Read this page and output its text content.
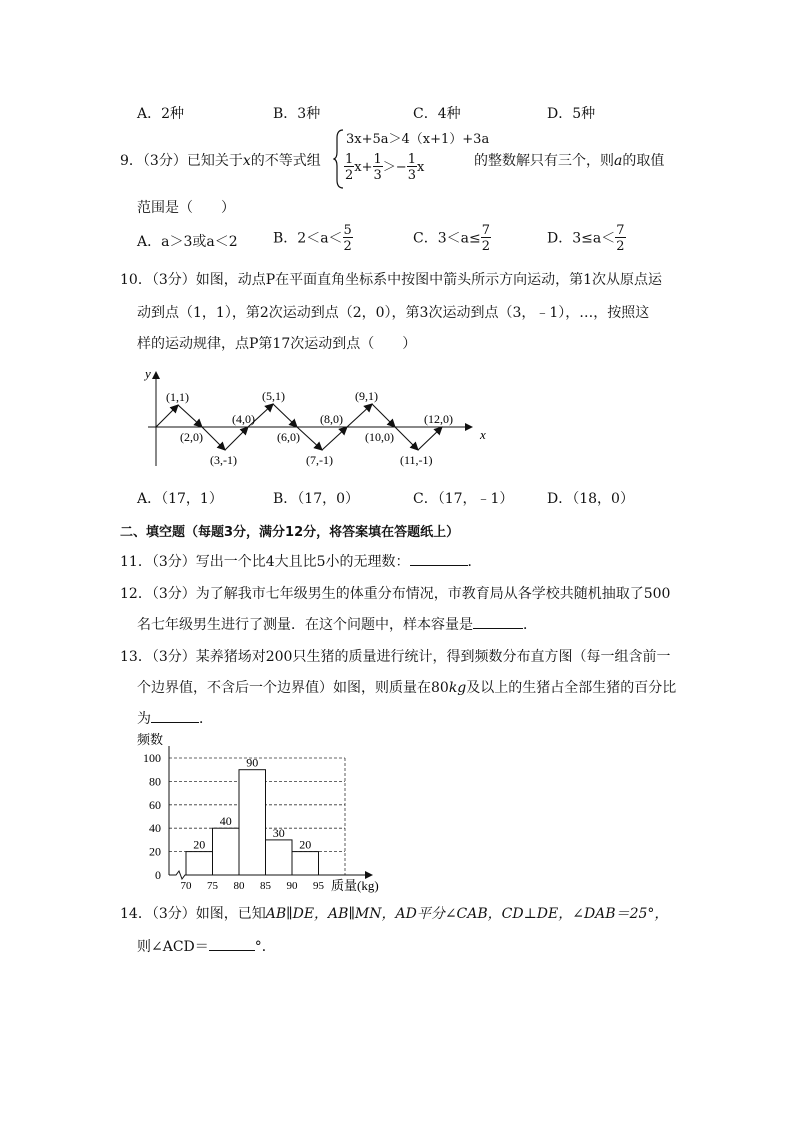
A．2种	B．3种	C．4种	D．5种
9．（3分）已知关于x的不等式组
3x+5a＞4（x+1）+3a
$\frac{1}{2} x+ \frac{1}{3} >- \frac{1}{3}$ x	的整数解只有三个，则a的取值
范围是（　　）
A．a＞3或a＜2	B．$2<a< \frac{5}{2}$	C．$3<a\le \frac{7}{2}$	D．$3\le a< \frac{7}{2}$
10．（3分）如图，动点P在平面直角坐标系中按图中箭头所示方向运动，第1次从原点运
动到点（1，1），第2次运动到点（2，0），第3次运动到点（3，﹣1），…，按照这
样的运动规律，点P第17次运动到点（　　）
x
y
(1,1)
(2,0)
(3,-1)
(4,0)
(5,1)
(6,0)
(7,-1)
(8,0)
(9,1)
(10,0)
(11,-1)
(12,0)
A．（17，1）	B．（17，0）	C．（17，﹣1） D．（18，0）
二、填空题（每题3分，满分12分，将答案填在答题纸上）
11．（3分）写出一个比4大且比5小的无理数：	．
12．（3分）为了解我市七年级男生的体重分布情况，市教育局从各学校共随机抽取了500
名七年级男生进行了测量．在这个问题中，样本容量是	．
13．（3分）某养猪场对200只生猪的质量进行统计，得到频数分布直方图（每一组含前一
个边界值，不含后一个边界值）如图，则质量在80kg及以上的生猪占全部生猪的百分比
为	．
0
20
40
60
80
100
20
40
90
30
20
70 75 80 85 90 95
频数
质量(kg)
14．（3分）如图，已知AB∥DE，AB∥MN，AD平分∠CAB，CD⊥DE，∠DAB＝25°，
则∠ACD＝	°．
